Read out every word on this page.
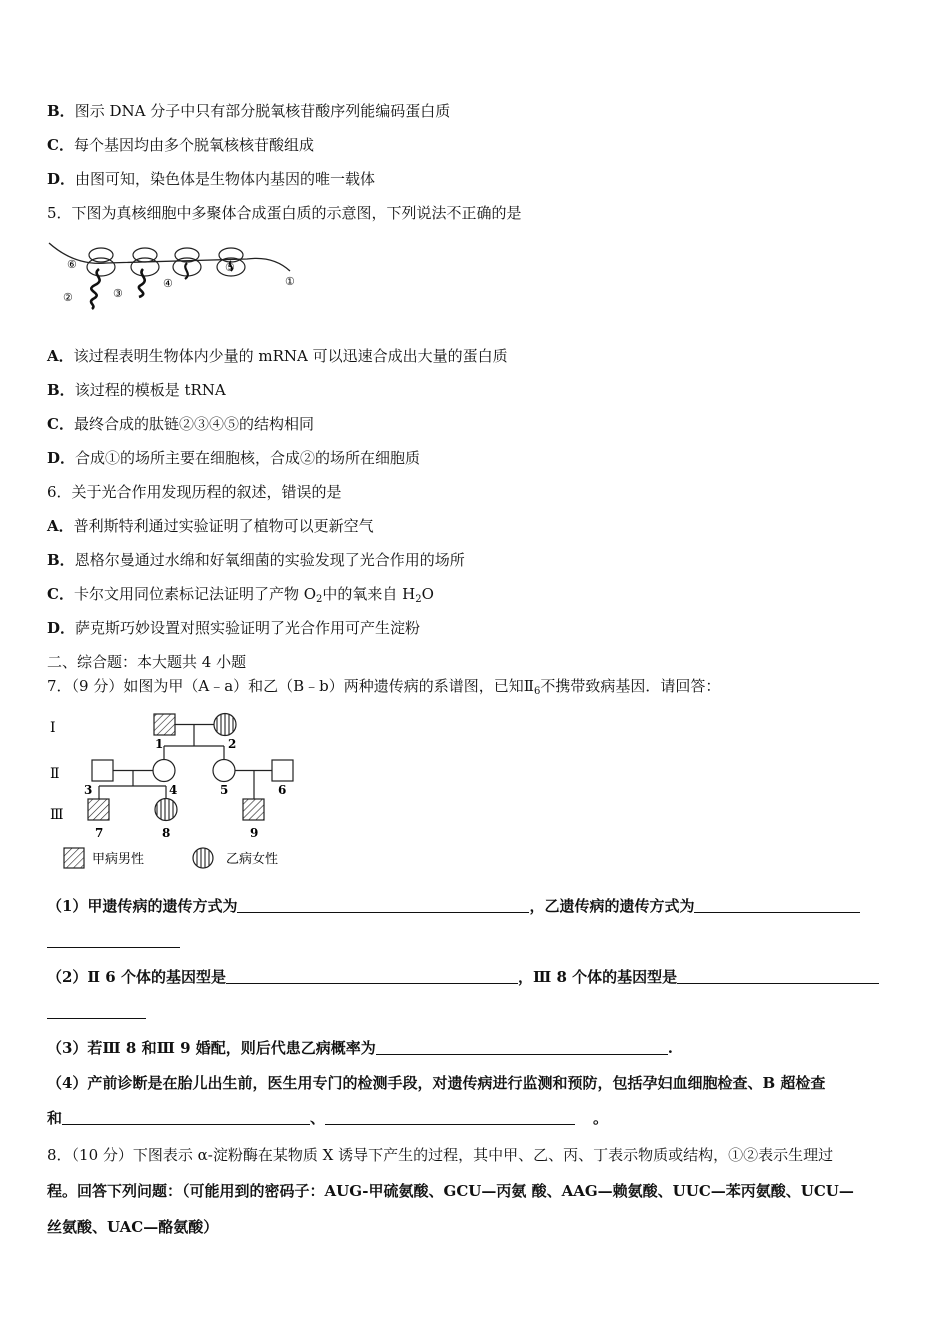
B．图示 DNA 分子中只有部分脱氧核苷酸序列能编码蛋白质
C．每个基因均由多个脱氧核核苷酸组成
D．由图可知，染色体是生物体内基因的唯一载体
5．下图为真核细胞中多聚体合成蛋白质的示意图，下列说法不正确的是
⑥
②	③
④
⑤
①
A．该过程表明生物体内少量的 mRNA 可以迅速合成出大量的蛋白质
B．该过程的模板是 tRNA
C．最终合成的肽链②③④⑤的结构相同
D．合成①的场所主要在细胞核，合成②的场所在细胞质
6．关于光合作用发现历程的叙述，错误的是
A．普利斯特利通过实验证明了植物可以更新空气
B．恩格尔曼通过水绵和好氧细菌的实验发现了光合作用的场所
C．卡尔文用同位素标记法证明了产物 $O_2$中的氧来自 $H_2O$
D．萨克斯巧妙设置对照实验证明了光合作用可产生淀粉
二、综合题：本大题共 4 小题
7．（9 分）如图为甲（A﹣a）和乙（B﹣b）两种遗传病的系谱图，已知$Ⅱ_6$不携带致病基因．请回答：
Ⅰ
Ⅱ
Ⅲ
1	2
3	4	5	6
7	8	9
甲病男性	乙病女性
（1）甲遗传病的遗传方式为	，乙遗传病的遗传方式为
（2）Ⅱ 6 个体的基因型是	，Ⅲ 8 个体的基因型是
（3）若Ⅲ 8 和Ⅲ 9 婚配，则后代患乙病概率为	.
（4）产前诊断是在胎儿出生前，医生用专门的检测手段，对遗传病进行监测和预防，包括孕妇血细胞检查、B 超检查
和	、	。
8．（10 分）下图表示 α-淀粉酶在某物质 X 诱导下产生的过程，其中甲、乙、丙、丁表示物质或结构，①②表示生理过
程。回答下列问题：（可能用到的密码子：AUG-甲硫氨酸、GCU—丙氨 酸、AAG—赖氨酸、UUC—苯丙氨酸、UCU—
丝氨酸、UAC—酪氨酸）
